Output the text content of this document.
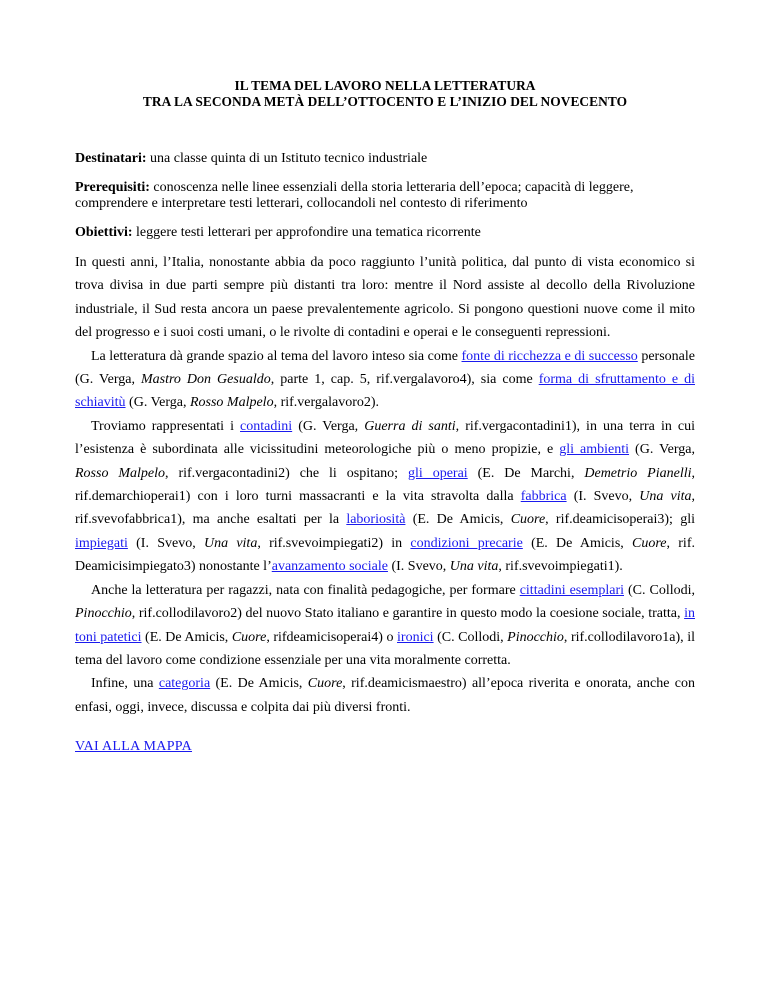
IL TEMA DEL LAVORO NELLA LETTERATURA
TRA LA SECONDA METÀ DELL’OTTOCENTO E L’INIZIO DEL NOVECENTO

Destinatari: una classe quinta di un Istituto tecnico industriale

Prerequisiti: conoscenza nelle linee essenziali della storia letteraria dell’epoca; capacità di leggere, comprendere e interpretare testi letterari, collocandoli nel contesto di riferimento

Obiettivi: leggere testi letterari per approfondire una tematica ricorrente

In questi anni, l’Italia, nonostante abbia da poco raggiunto l’unità politica, dal punto di vista economico si trova divisa in due parti sempre più distanti tra loro: mentre il Nord assiste al decollo della Rivoluzione industriale, il Sud resta ancora un paese prevalentemente agricolo. Si pongono questioni nuove come il mito del progresso e i suoi costi umani, o le rivolte di contadini e operai e le conseguenti repressioni.

La letteratura dà grande spazio al tema del lavoro inteso sia come fonte di ricchezza e di successo personale (G. Verga, Mastro Don Gesualdo, parte 1, cap. 5, rif.vergalavoro4), sia come forma di sfruttamento e di schiavitù (G. Verga, Rosso Malpelo, rif.vergalavoro2).

Troviamo rappresentati i contadini (G. Verga, Guerra di santi, rif.vergacontadini1), in una terra in cui l’esistenza è subordinata alle vicissitudini meteorologiche più o meno propizie, e gli ambienti (G. Verga, Rosso Malpelo, rif.vergacontadini2) che li ospitano; gli operai (E. De Marchi, Demetrio Pianelli, rif.demarchioperai1) con i loro turni massacranti e la vita stravolta dalla fabbrica (I. Svevo, Una vita, rif.svevofabbrica1), ma anche esaltati per la laboriosità (E. De Amicis, Cuore, rif.deamicisoperai3); gli impiegati (I. Svevo, Una vita, rif.svevoimpiegati2) in condizioni precarie (E. De Amicis, Cuore, rif. Deamicisimpiegato3) nonostante l’avanzamento sociale (I. Svevo, Una vita, rif.svevoimpiegati1).

Anche la letteratura per ragazzi, nata con finalità pedagogiche, per formare cittadini esemplari (C. Collodi, Pinocchio, rif.collodilavoro2) del nuovo Stato italiano e garantire in questo modo la coesione sociale, tratta, in toni patetici (E. De Amicis, Cuore, rifdeamicisoperai4) o ironici (C. Collodi, Pinocchio, rif.collodilavoro1a), il tema del lavoro come condizione essenziale per una vita moralmente corretta.

Infine, una categoria (E. De Amicis, Cuore, rif.deamicismaestro) all’epoca riverita e onorata, anche con enfasi, oggi, invece, discussa e colpita dai più diversi fronti.

VAI ALLA MAPPA
